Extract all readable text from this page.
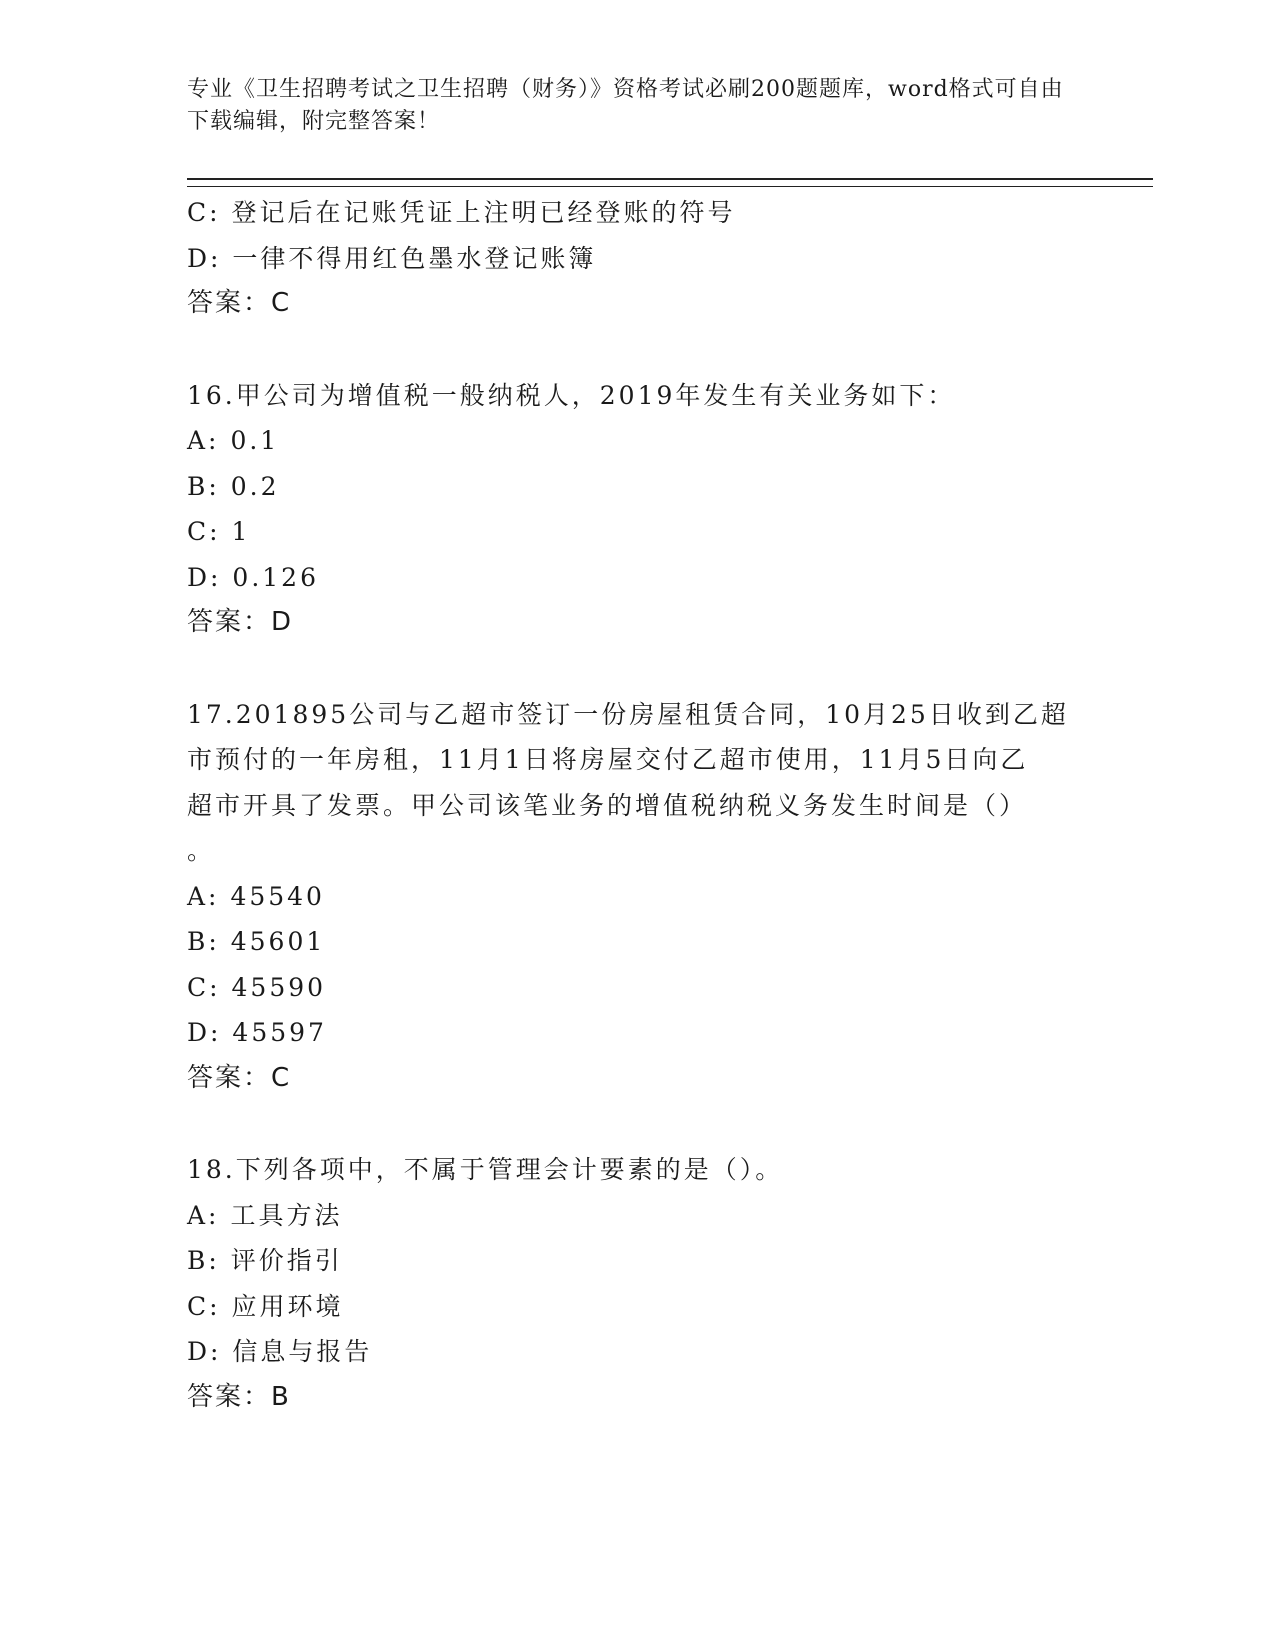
专业《卫生招聘考试之卫生招聘（财务）》资格考试必刷200题题库，word格式可自由下载编辑，附完整答案！
C: 登记后在记账凭证上注明已经登账的符号
D: 一律不得用红色墨水登记账簿
答案：C
16.甲公司为增值税一般纳税人，2019年发生有关业务如下：
A: 0.1
B: 0.2
C: 1
D: 0.126
答案：D
17.201895公司与乙超市签订一份房屋租赁合同，10月25日收到乙超
市预付的一年房租，11月1日将房屋交付乙超市使用，11月5日向乙
超市开具了发票。甲公司该笔业务的增值税纳税义务发生时间是（）
。
A: 45540
B: 45601
C: 45590
D: 45597
答案：C
18.下列各项中，不属于管理会计要素的是（）。
A: 工具方法
B: 评价指引
C: 应用环境
D: 信息与报告
答案：B
